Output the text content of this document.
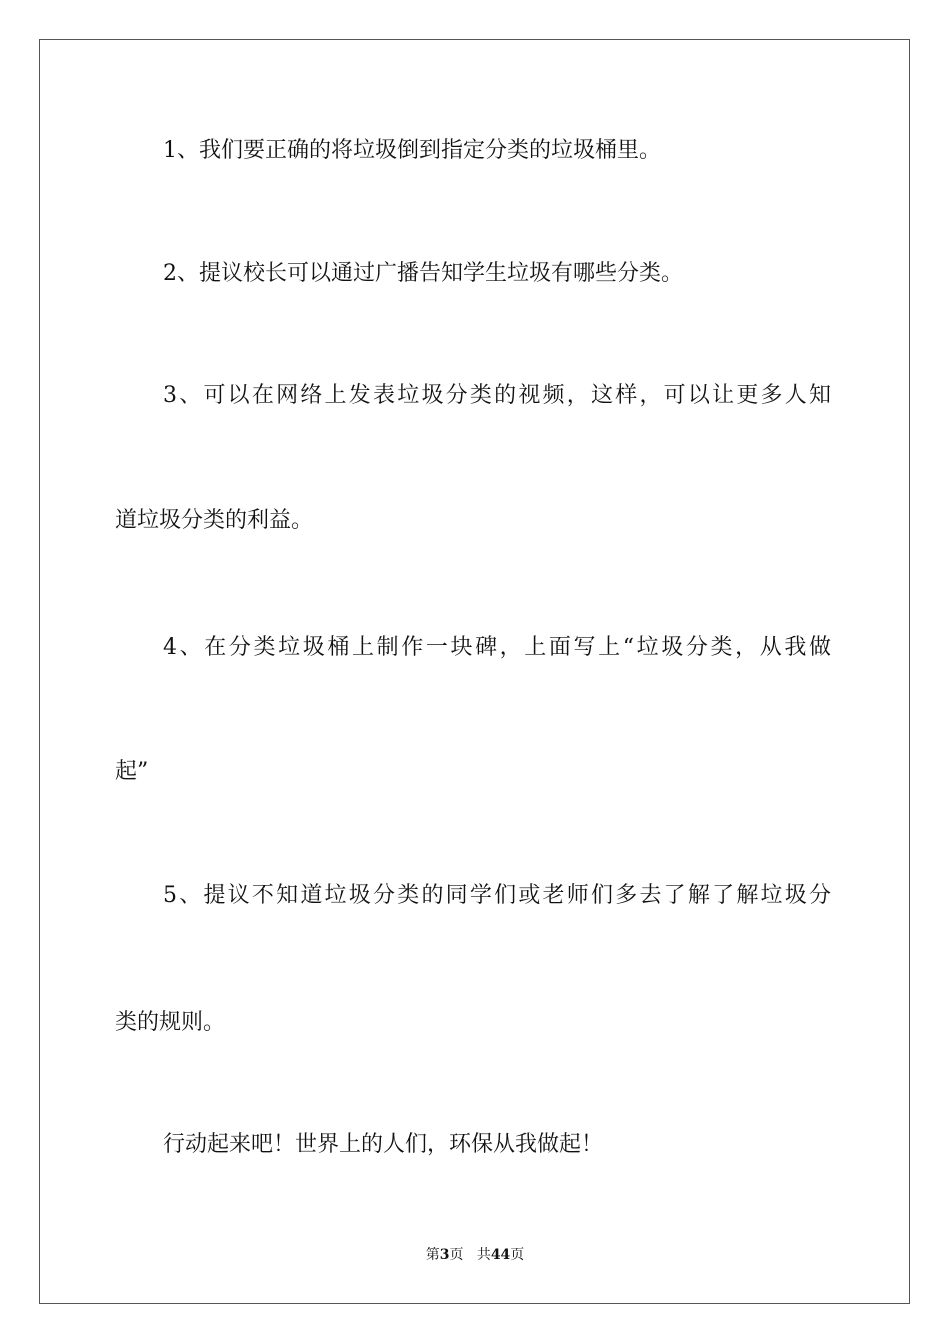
1、我们要正确的将垃圾倒到指定分类的垃圾桶里。
2、提议校长可以通过广播告知学生垃圾有哪些分类。
3、可以在网络上发表垃圾分类的视频，这样，可以让更多人知
道垃圾分类的利益。
4、在分类垃圾桶上制作一块碑，上面写上“垃圾分类，从我做
起”
5、提议不知道垃圾分类的同学们或老师们多去了解了解垃圾分
类的规则。
行动起来吧！世界上的人们，环保从我做起！
第3页 共44页
